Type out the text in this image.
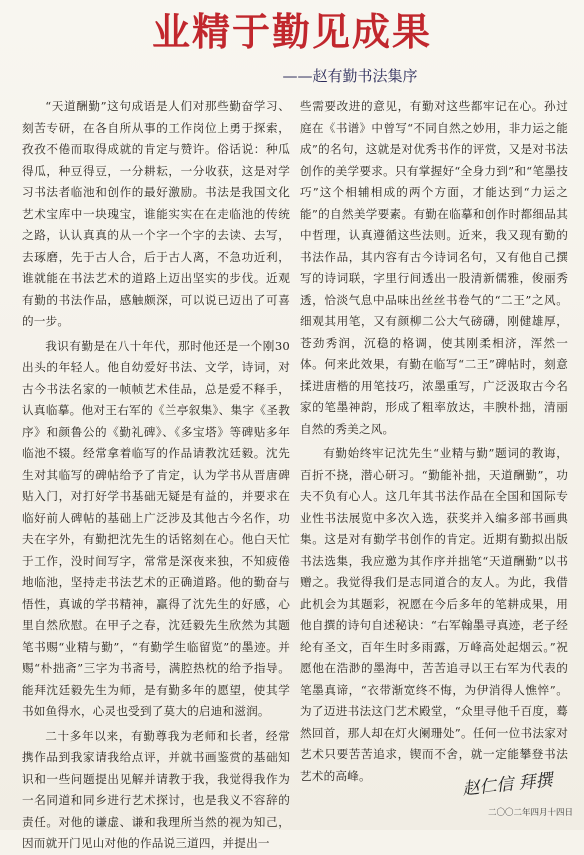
业精于勤见成果
——赵有勤书法集序

“天道酬勤”这句成语是人们对那些勤奋学习、刻苦专研，在各自所从事的工作岗位上勇于探索，孜孜不倦而取得成就的肯定与赞许。俗话说：种瓜得瓜，种豆得豆，一分耕耘，一分收获，这是对学习书法者临池和创作的最好激励。书法是我国文化艺术宝库中一块瑰宝，谁能实实在在走临池的传统之路，认认真真的从一个字一个字的去读、去写，去琢磨，先于古人合，后于古人离，不急功近利，谁就能在书法艺术的道路上迈出坚实的步伐。近观有勤的书法作品，感触颇深，可以说已迈出了可喜的一步。

我识有勤是在八十年代，那时他还是一个刚30出头的年轻人。他自幼爱好书法、文学，诗词，对古今书法名家的一帧帧艺术佳品，总是爱不释手，认真临摹。他对王右军的《兰亭叙集》、集字《圣教序》和颜鲁公的《勤礼碑》、《多宝塔》等碑贴多年临池不辍。经常拿着临写的作品请教沈廷毅。沈先生对其临写的碑帖给予了肯定，认为学书从晋唐碑贴入门，对打好学书基础无疑是有益的，并要求在临好前人碑帖的基础上广泛涉及其他古今名作，功夫在字外，有勤把沈先生的话铭刻在心。他白天忙于工作，没时间写字，常常是深夜来独，不知疲倦地临池，坚持走书法艺术的正确道路。他的勤奋与悟性，真诚的学书精神，赢得了沈先生的好感，心里自然欣慰。在甲子之春，沈廷毅先生欣然为其题笔书赐“业精与勤”，“有勤学生临留览”的墨迹。并赐“朴拙斋”三字为书斋号，满腔热枕的给予指导。能拜沈廷毅先生为师，是有勤多年的愿望，使其学书如鱼得水，心灵也受到了莫大的启迪和滋润。

二十多年以来，有勤尊我为老师和长者，经常携作品到我家请我给点评，并就书画鉴赏的基础知识和一些问题提出见解并请教于我，我觉得我作为一名同道和同乡进行艺术探讨，也是我义不容辞的责任。对他的谦虚、谦和我理所当然的视为知己，因而就开门见山对他的作品说三道四，并提出一

些需要改进的意见，有勤对这些都牢记在心。孙过庭在《书谱》中曾写“不同自然之妙用，非力运之能成”的名句，这就是对优秀书作的评赏，又是对书法创作的美学要求。只有掌握好“全身力到”和“笔墨技巧”这个相辅相成的两个方面，才能达到“力运之能”的自然美学要素。有勤在临摹和创作时都细品其中哲理，认真遵循这些法则。近来，我又现有勤的书法作品，其内容有古今诗词名句，又有他自己撰写的诗词联，字里行间透出一股清新儒雅，俊丽秀透，恰淡气息中品味出丝丝书卷气的“二王”之风。细观其用笔，又有颜柳二公大气磅礴，刚健雄厚，苍劲秀润，沉稳的格调，使其刚柔相济，浑然一体。何来此效果，有勤在临写“二王”碑帖时，刻意揉进唐楷的用笔技巧，浓墨重写，广泛汲取古今名家的笔墨神韵，形成了粗率放达，丰腴朴拙，清丽自然的秀美之风。

有勤始终牢记沈先生“业精与勤”题词的教诲，百折不挠，潜心研习。“勤能补拙，天道酬勤”，功夫不负有心人。这几年其书法作品在全国和国际专业性书法展览中多次入选，获奖并入编多部书画典集。这是对有勤学书创作的肯定。近期有勤拟出版书法选集，我应邀为其作序并拙笔“天道酬勤”以书赠之。我觉得我们是志同道合的友人。为此，我借此机会为其题彩，祝愿在今后多年的笔耕成果，用他自撰的诗句自述秘诀：“右军翰墨寻真迹，老子经纶有圣文，百年生时多雨露，万峰高处起烟云。”祝愿他在浩渺的墨海中，苦苦追寻以王右军为代表的笔墨真谛，“衣带渐宽终不悔，为伊消得人憔悴”。为了迈进书法这门艺术殿堂，“众里寻他千百度，蓦然回首，那人却在灯火阑珊处”。任何一位书法家对艺术只要苦苦追求，锲而不舍，就一定能攀登书法艺术的高峰。	赵仁信 拜撰
二〇〇二年四月十四日
